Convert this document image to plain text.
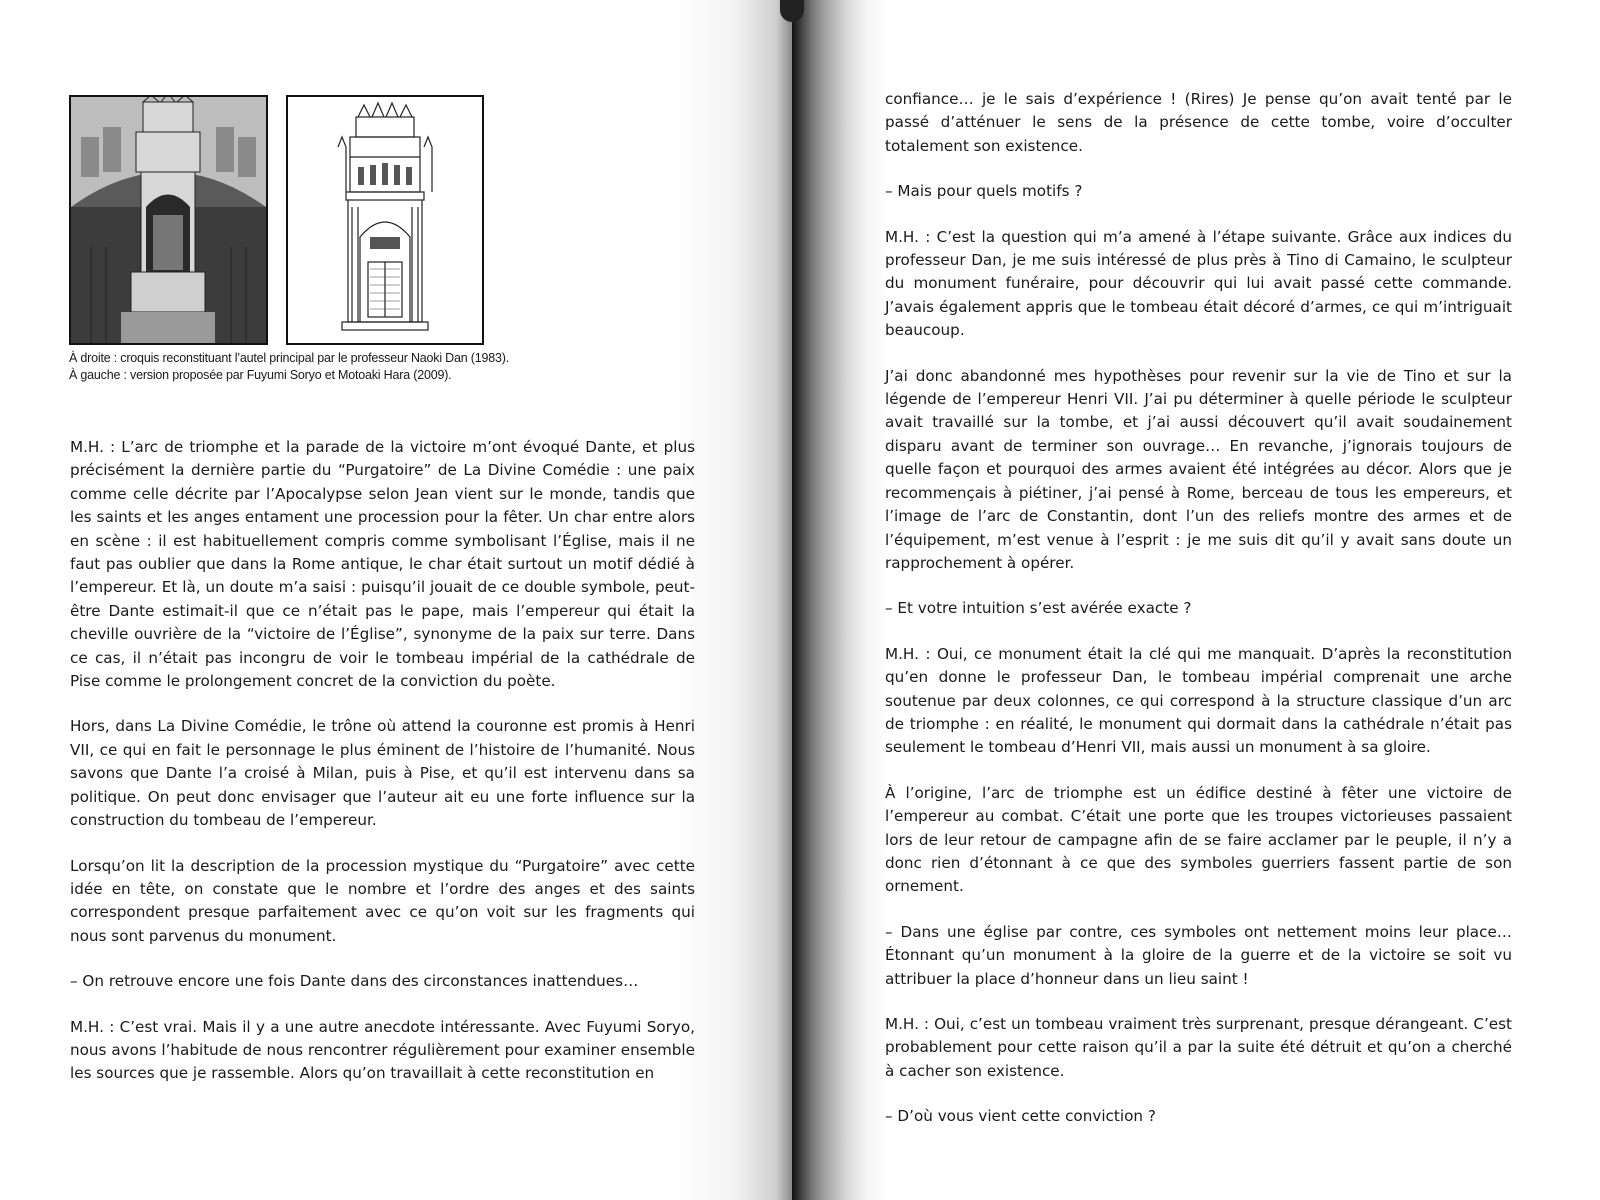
À droite : croquis reconstituant l’autel principal par le professeur Naoki Dan (1983).
À gauche : version proposée par Fuyumi Soryo et Motoaki Hara (2009).

M.H. : L’arc de triomphe et la parade de la victoire m’ont évoqué Dante, et plus précisément la dernière partie du “Purgatoire” de La Divine Comédie : une paix comme celle décrite par l’Apocalypse selon Jean vient sur le monde, tandis que les saints et les anges entament une procession pour la fêter. Un char entre alors en scène : il est habituellement compris comme symbolisant l’Église, mais il ne faut pas oublier que dans la Rome antique, le char était surtout un motif dédié à l’empereur. Et là, un doute m’a saisi : puisqu’il jouait de ce double symbole, peut-être Dante estimait-il que ce n’était pas le pape, mais l’empereur qui était la cheville ouvrière de la “victoire de l’Église”, synonyme de la paix sur terre. Dans ce cas, il n’était pas incongru de voir le tombeau impérial de la cathédrale de Pise comme le prolongement concret de la conviction du poète.

Hors, dans La Divine Comédie, le trône où attend la couronne est promis à Henri VII, ce qui en fait le personnage le plus éminent de l’histoire de l’humanité. Nous savons que Dante l’a croisé à Milan, puis à Pise, et qu’il est intervenu dans sa politique. On peut donc envisager que l’auteur ait eu une forte influence sur la construction du tombeau de l’empereur.

Lorsqu’on lit la description de la procession mystique du “Purgatoire” avec cette idée en tête, on constate que le nombre et l’ordre des anges et des saints correspondent presque parfaitement avec ce qu’on voit sur les fragments qui nous sont parvenus du monument.

– On retrouve encore une fois Dante dans des circonstances inattendues…

M.H. : C’est vrai. Mais il y a une autre anecdote intéressante. Avec Fuyumi Soryo, nous avons l’habitude de nous rencontrer régulièrement pour examiner ensemble les sources que je rassemble. Alors qu’on travaillait à cette reconstitution en

confiance… je le sais d’expérience ! (Rires) Je pense qu’on avait tenté par le passé d’atténuer le sens de la présence de cette tombe, voire d’occulter totalement son existence.

– Mais pour quels motifs ?

M.H. : C’est la question qui m’a amené à l’étape suivante. Grâce aux indices du professeur Dan, je me suis intéressé de plus près à Tino di Camaino, le sculpteur du monument funéraire, pour découvrir qui lui avait passé cette commande. J’avais également appris que le tombeau était décoré d’armes, ce qui m’intriguait beaucoup.

J’ai donc abandonné mes hypothèses pour revenir sur la vie de Tino et sur la légende de l’empereur Henri VII. J’ai pu déterminer à quelle période le sculpteur avait travaillé sur la tombe, et j’ai aussi découvert qu’il avait soudainement disparu avant de terminer son ouvrage… En revanche, j’ignorais toujours de quelle façon et pourquoi des armes avaient été intégrées au décor. Alors que je recommençais à piétiner, j’ai pensé à Rome, berceau de tous les empereurs, et l’image de l’arc de Constantin, dont l’un des reliefs montre des armes et de l’équipement, m’est venue à l’esprit : je me suis dit qu’il y avait sans doute un rapprochement à opérer.

– Et votre intuition s’est avérée exacte ?

M.H. : Oui, ce monument était la clé qui me manquait. D’après la reconstitution qu’en donne le professeur Dan, le tombeau impérial comprenait une arche soutenue par deux colonnes, ce qui correspond à la structure classique d’un arc de triomphe : en réalité, le monument qui dormait dans la cathédrale n’était pas seulement le tombeau d’Henri VII, mais aussi un monument à sa gloire.

À l’origine, l’arc de triomphe est un édifice destiné à fêter une victoire de l’empereur au combat. C’était une porte que les troupes victorieuses passaient lors de leur retour de campagne afin de se faire acclamer par le peuple, il n’y a donc rien d’étonnant à ce que des symboles guerriers fassent partie de son ornement.

– Dans une église par contre, ces symboles ont nettement moins leur place… Étonnant qu’un monument à la gloire de la guerre et de la victoire se soit vu attribuer la place d’honneur dans un lieu saint !

M.H. : Oui, c’est un tombeau vraiment très surprenant, presque dérangeant. C’est probablement pour cette raison qu’il a par la suite été détruit et qu’on a cherché à cacher son existence.

– D’où vous vient cette conviction ?
